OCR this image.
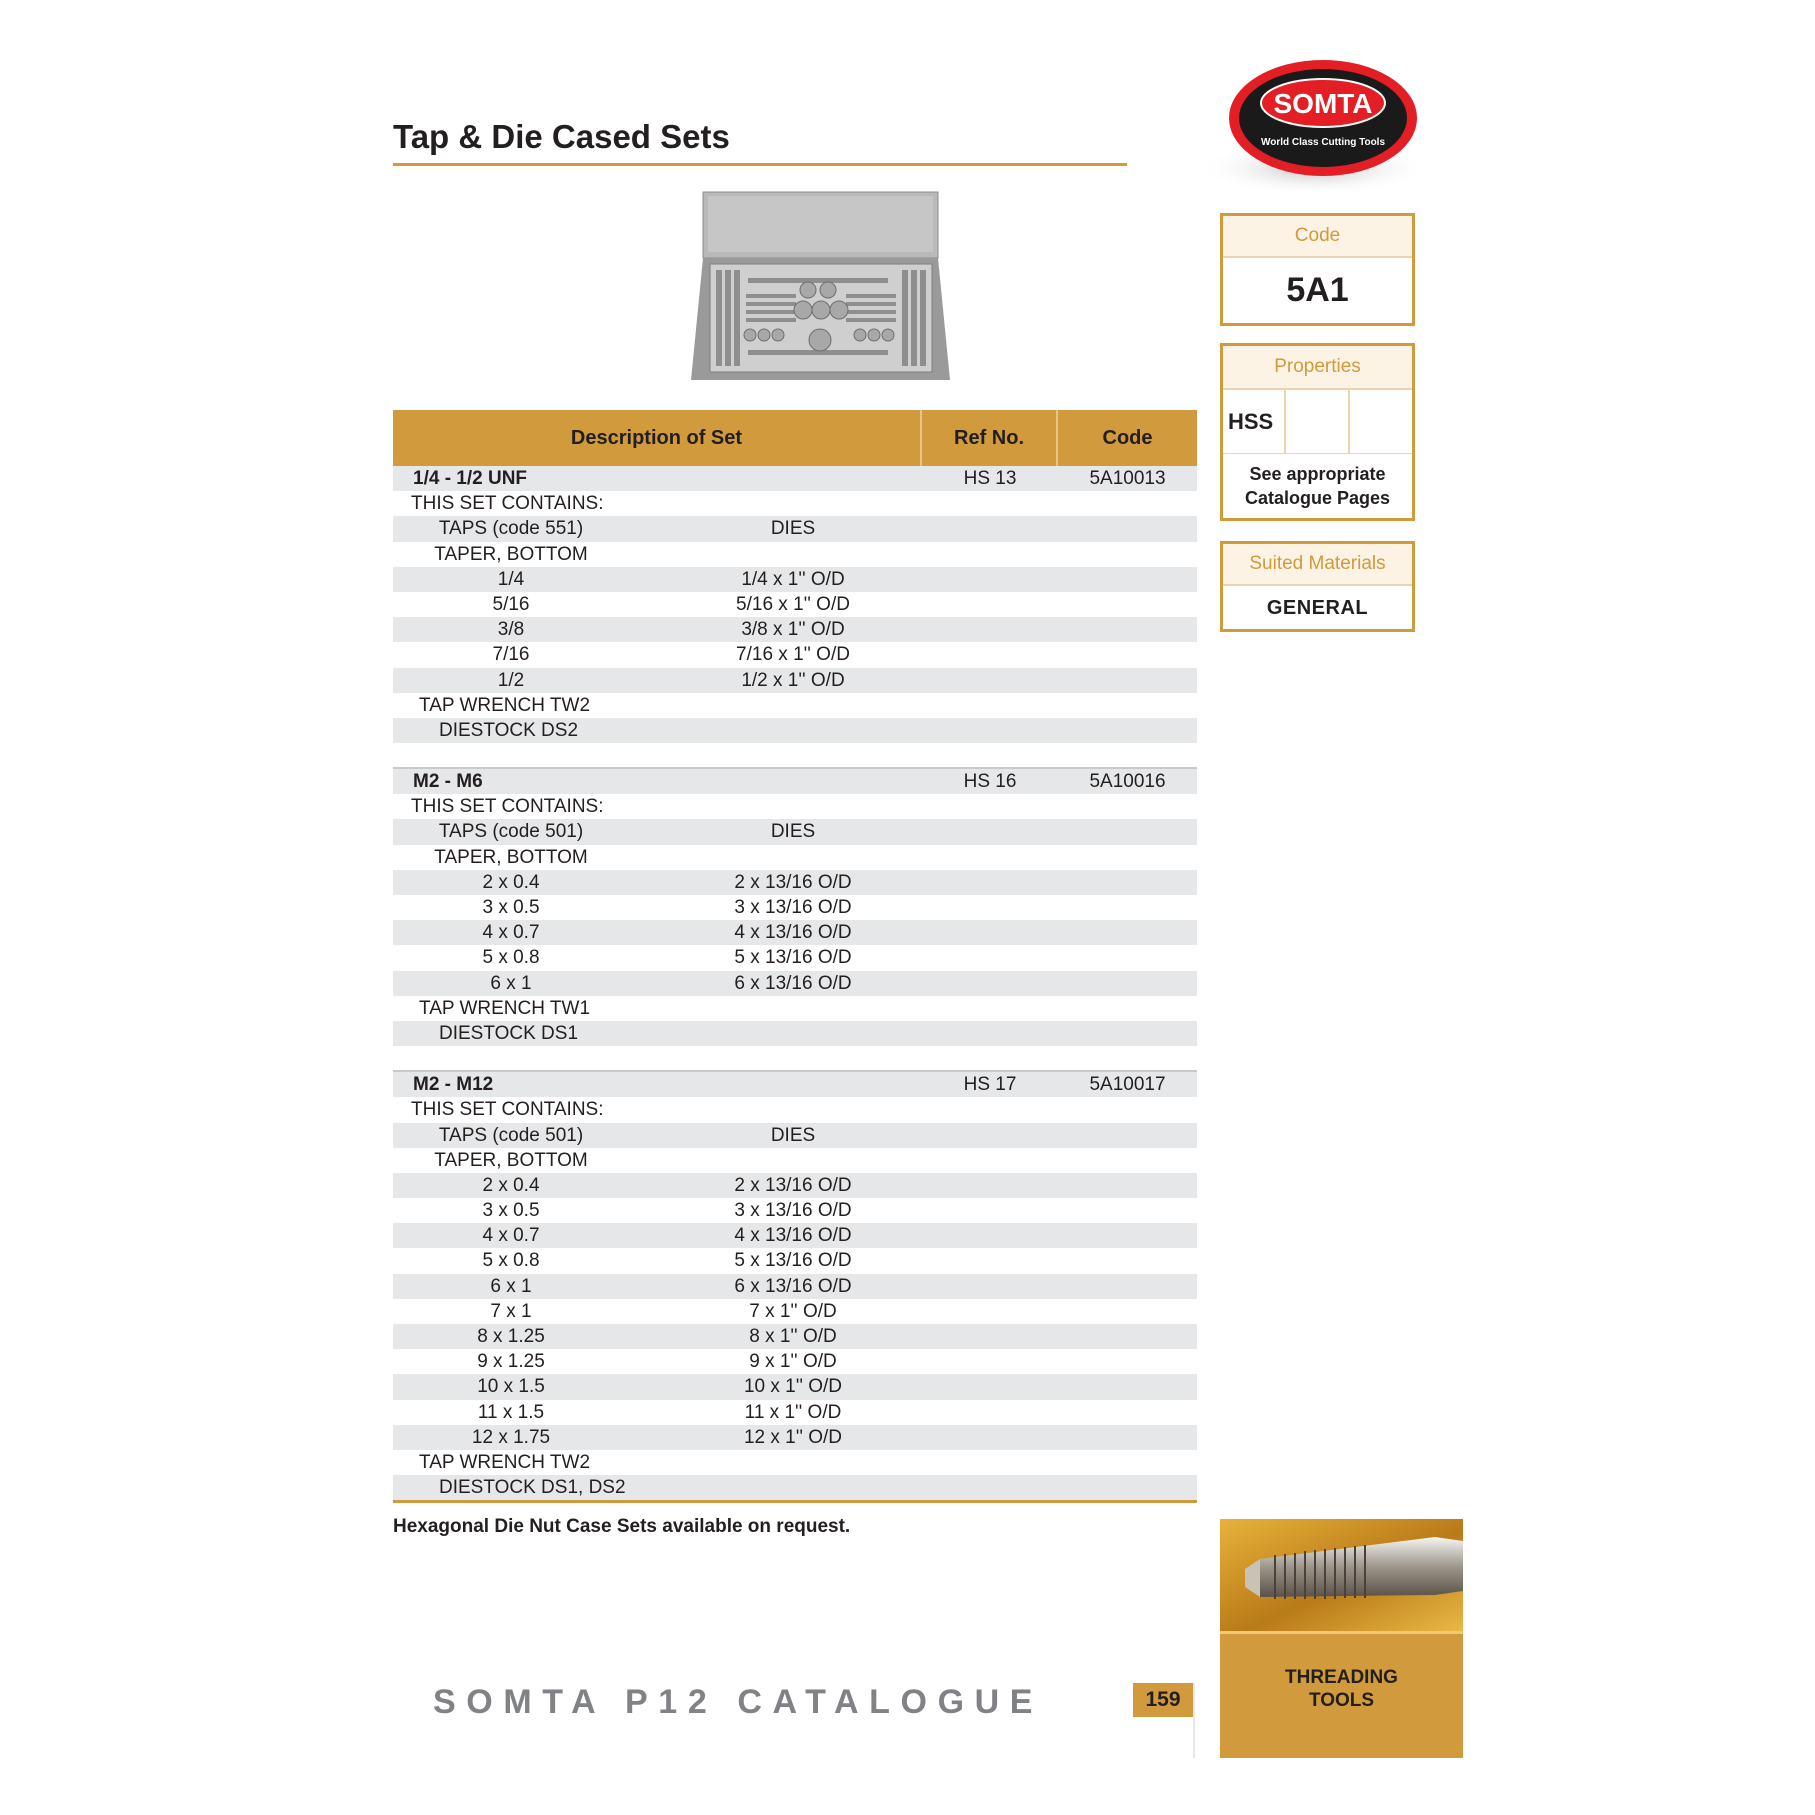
Tap & Die Cased Sets
SOMTA
World Class Cutting Tools
Description of Set	Ref No.	Code
1/4 - 1/2 UNF	HS 13	5A10013
THIS SET CONTAINS:
TAPS (code 551)	DIES
TAPER, BOTTOM
1/4	1/4 x 1'' O/D
5/16	5/16 x 1'' O/D
3/8	3/8 x 1'' O/D
7/16	7/16 x 1'' O/D
1/2	1/2 x 1'' O/D
TAP WRENCH TW2
DIESTOCK DS2
M2 - M6	HS 16	5A10016
THIS SET CONTAINS:
TAPS (code 501)	DIES
TAPER, BOTTOM
2 x 0.4	2 x 13/16 O/D
3 x 0.5	3 x 13/16 O/D
4 x 0.7	4 x 13/16 O/D
5 x 0.8	5 x 13/16 O/D
6 x 1	6 x 13/16 O/D
TAP WRENCH TW1
DIESTOCK DS1
M2 - M12	HS 17	5A10017
THIS SET CONTAINS:
TAPS (code 501)	DIES
TAPER, BOTTOM
2 x 0.4	2 x 13/16 O/D
3 x 0.5	3 x 13/16 O/D
4 x 0.7	4 x 13/16 O/D
5 x 0.8	5 x 13/16 O/D
6 x 1	6 x 13/16 O/D
7 x 1	7 x 1'' O/D
8 x 1.25	8 x 1'' O/D
9 x 1.25	9 x 1'' O/D
10 x 1.5	10 x 1'' O/D
11 x 1.5	11 x 1'' O/D
12 x 1.75	12 x 1'' O/D
TAP WRENCH TW2
DIESTOCK DS1, DS2
Hexagonal Die Nut Case Sets available on request.
Code
5A1
Properties
HSS
See appropriate
Catalogue Pages
Suited Materials
GENERAL
THREADING
TOOLS
SOMTA P12 CATALOGUE	159
